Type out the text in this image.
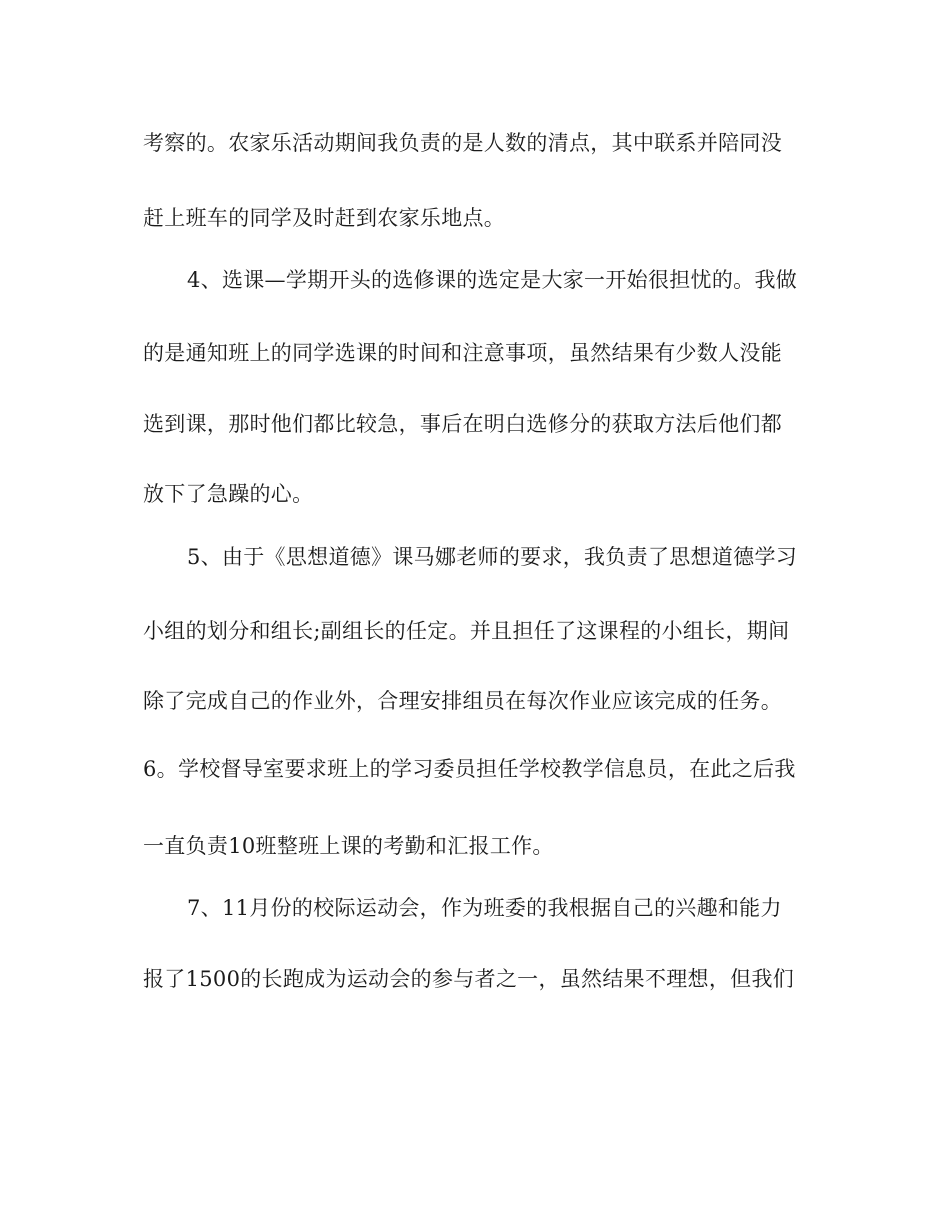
考察的。农家乐活动期间我负责的是人数的清点，其中联系并陪同没
赶上班车的同学及时赶到农家乐地点。
4、选课—学期开头的选修课的选定是大家一开始很担忧的。我做
的是通知班上的同学选课的时间和注意事项，虽然结果有少数人没能
选到课，那时他们都比较急，事后在明白选修分的获取方法后他们都
放下了急躁的心。
5、由于《思想道德》课马娜老师的要求，我负责了思想道德学习
小组的划分和组长;副组长的任定。并且担任了这课程的小组长，期间
除了完成自己的作业外，合理安排组员在每次作业应该完成的任务。
6。学校督导室要求班上的学习委员担任学校教学信息员，在此之后我
一直负责10班整班上课的考勤和汇报工作。
7、11月份的校际运动会，作为班委的我根据自己的兴趣和能力
报了1500的长跑成为运动会的参与者之一，虽然结果不理想，但我们
